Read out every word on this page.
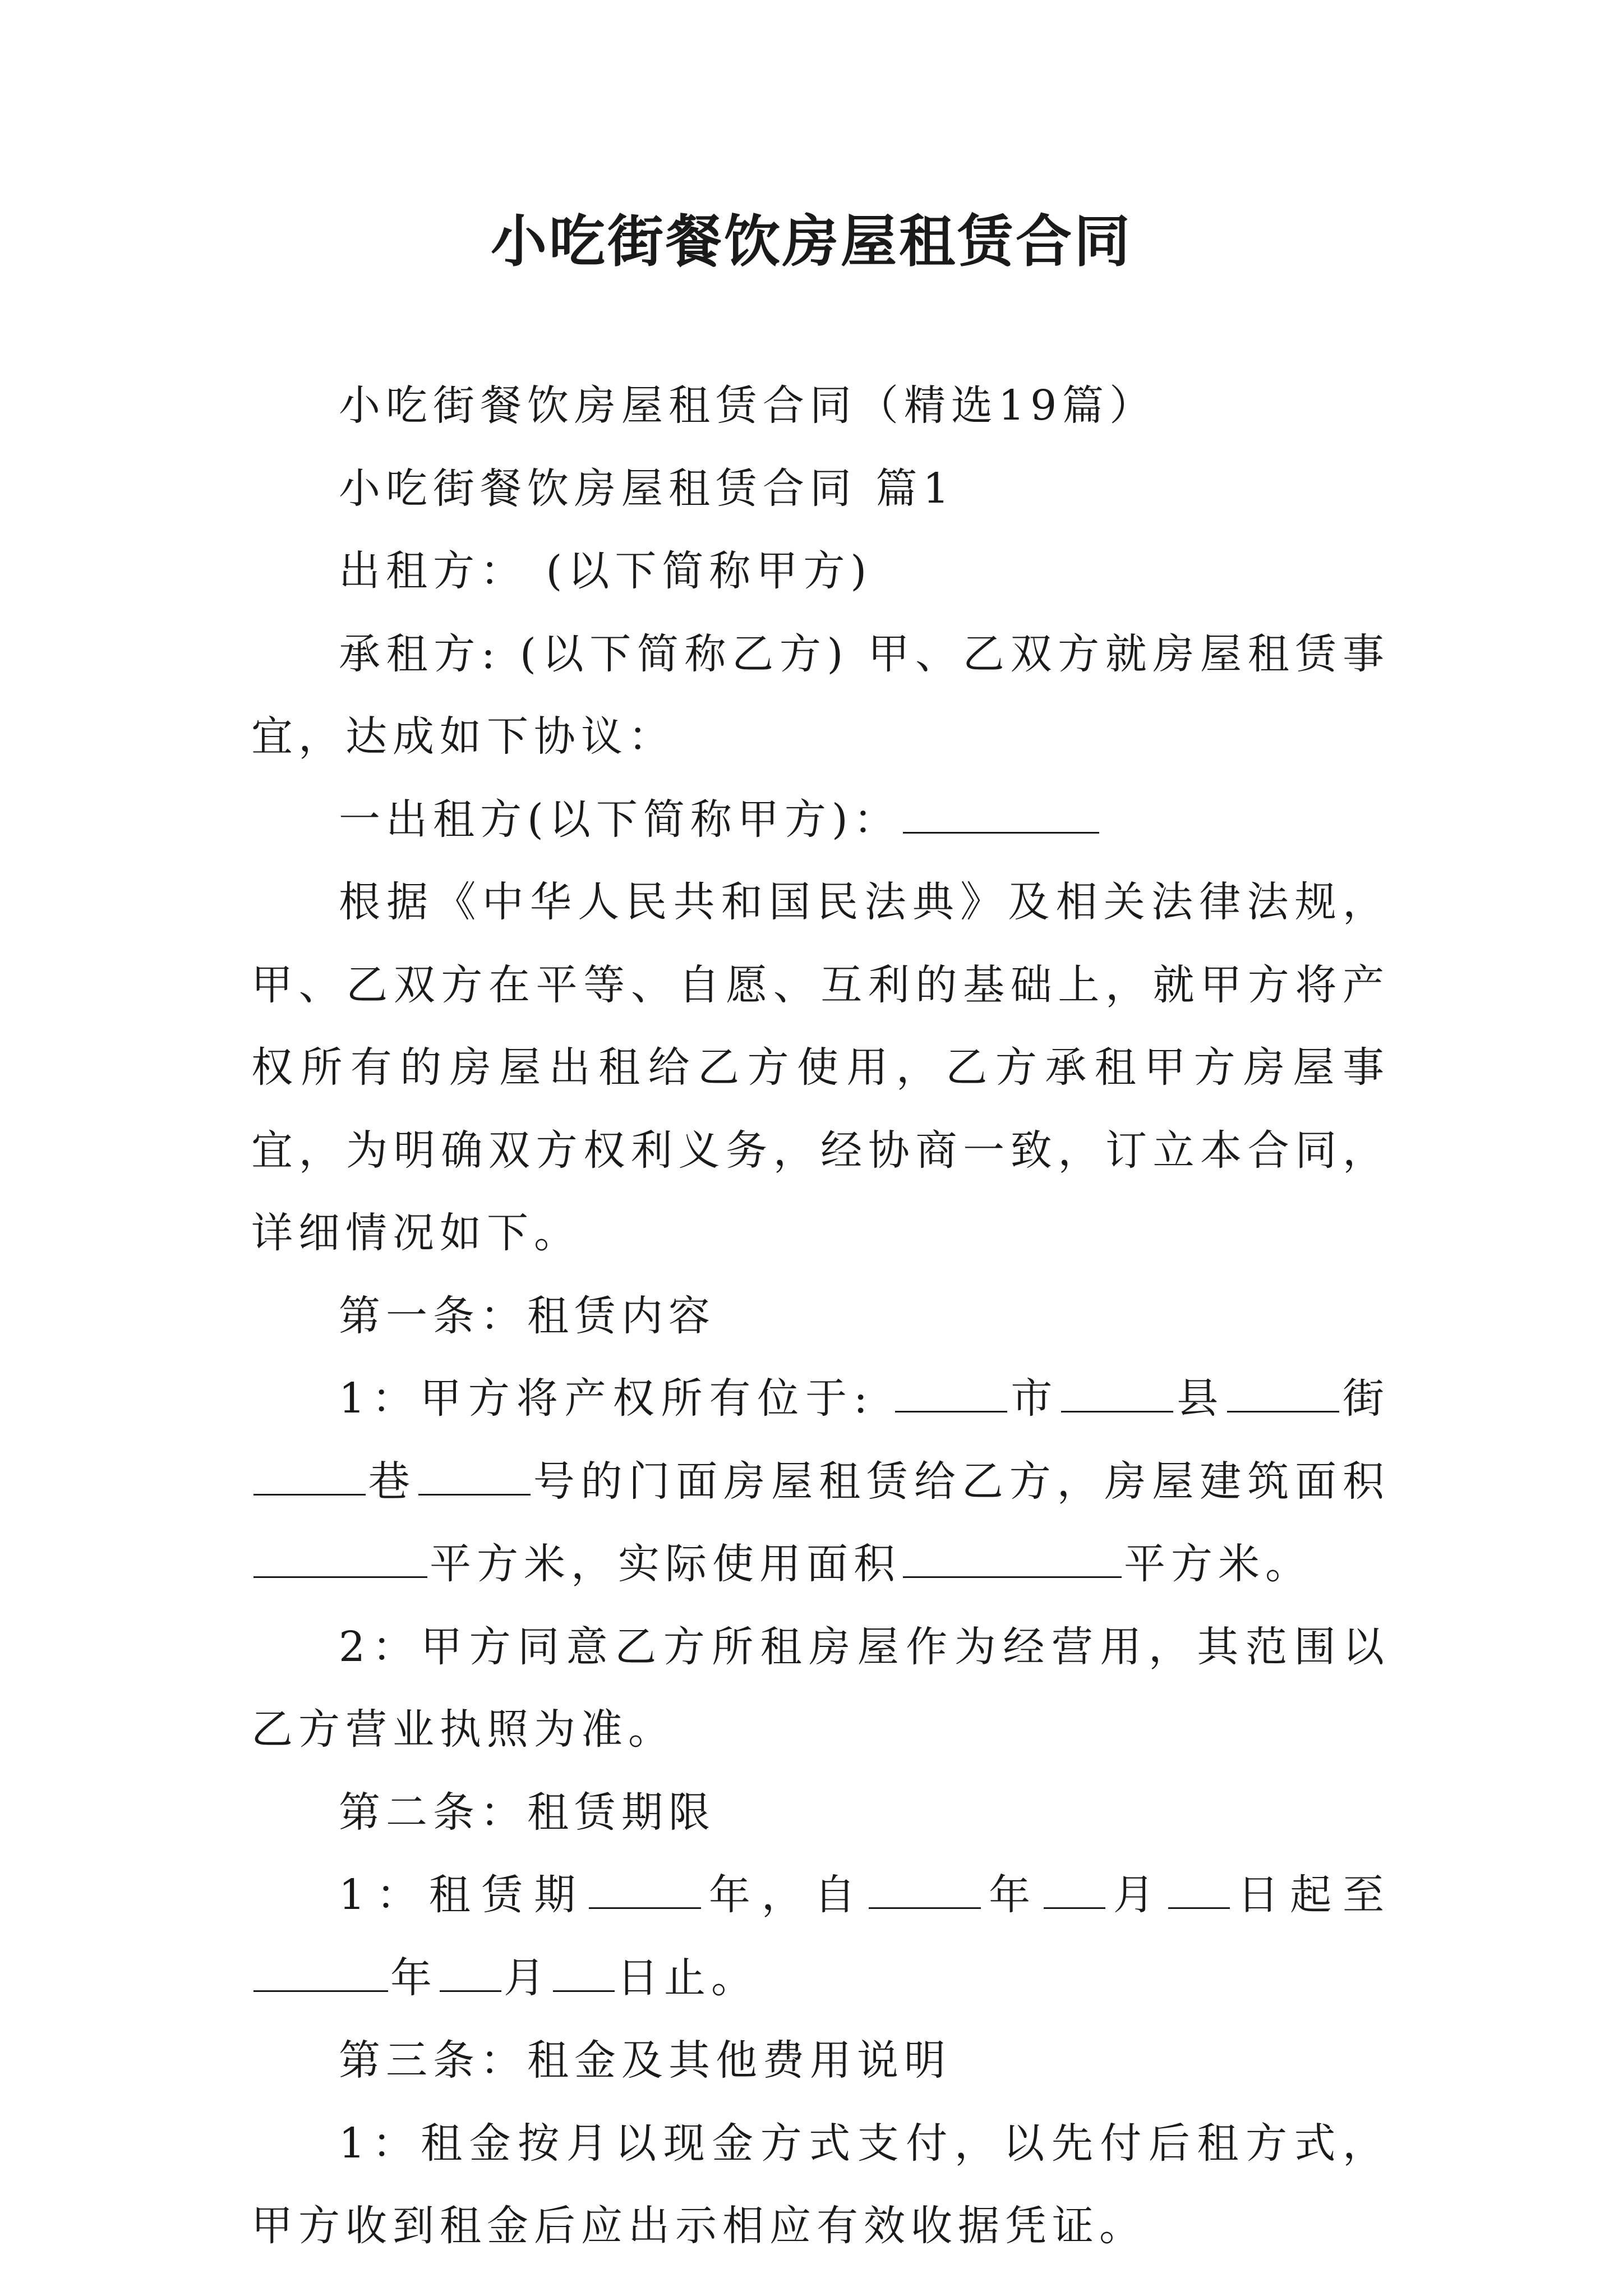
小吃街餐饮房屋租赁合同

小吃街餐饮房屋租赁合同（精选19篇）

小吃街餐饮房屋租赁合同 篇1

出租方： (以下简称甲方)

承租方: (以下简称乙方) 甲、乙双方就房屋租赁事宜，达成如下协议：

一出租方(以下简称甲方)：

根据《中华人民共和国民法典》及相关法律法规，甲、乙双方在平等、自愿、互利的基础上，就甲方将产权所有的房屋出租给乙方使用，乙方承租甲方房屋事宜，为明确双方权利义务，经协商一致，订立本合同，详细情况如下。

第一条：租赁内容

1：甲方将产权所有位于:	市	县	街巷	号的门面房屋租赁给乙方，房屋建筑面积 平方米，实际使用面积	平方米。

2：甲方同意乙方所租房屋作为经营用，其范围以乙方营业执照为准。

第二条：租赁期限

1：租赁期	年，自	年 月 日起至年 月 日止。

第三条：租金及其他费用说明

1：租金按月以现金方式支付，以先付后租方式，甲方收到租金后应出示相应有效收据凭证。
